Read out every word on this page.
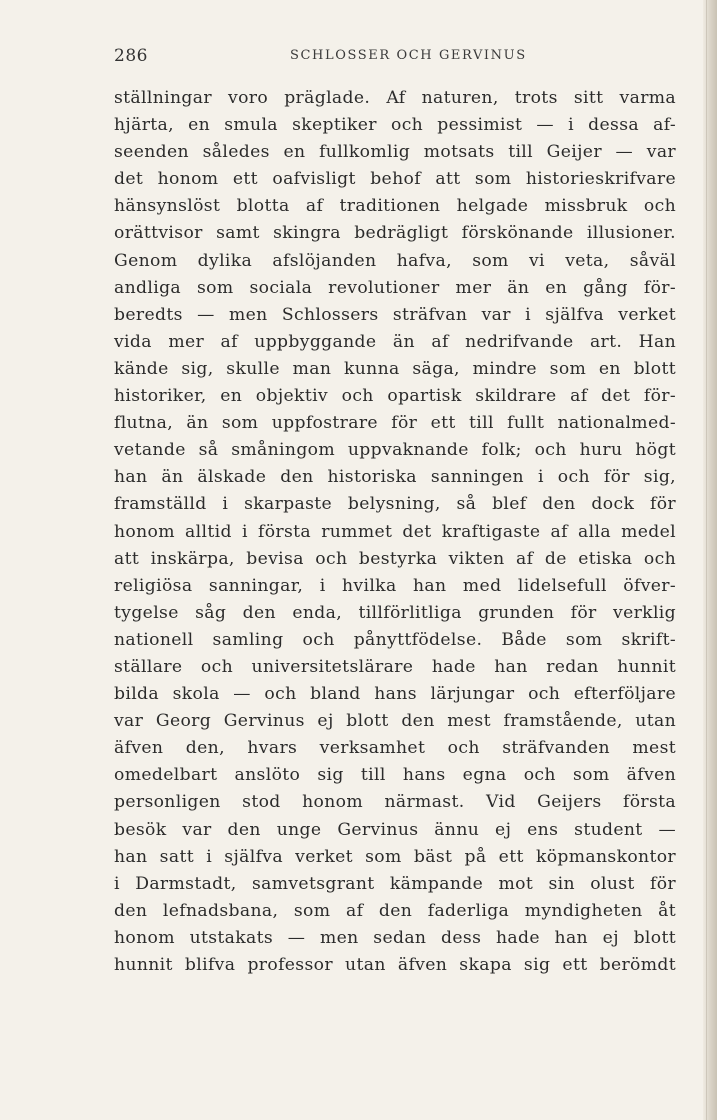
286	SCHLOSSER OCH GERVINUS
ställningar voro präglade. Af naturen, trots sitt varma
hjärta, en smula skeptiker och pessimist — i dessa af-
seenden således en fullkomlig motsats till Geijer — var
det honom ett oafvisligt behof att som historieskrifvare
hänsynslöst blotta af traditionen helgade missbruk och
orättvisor samt skingra bedrägligt förskönande illusioner.
Genom dylika afslöjanden hafva, som vi veta, såväl
andliga som sociala revolutioner mer än en gång för-
beredts — men Schlossers sträfvan var i själfva verket
vida mer af uppbyggande än af nedrifvande art. Han
kände sig, skulle man kunna säga, mindre som en blott
historiker, en objektiv och opartisk skildrare af det för-
flutna, än som uppfostrare för ett till fullt nationalmed-
vetande så småningom uppvaknande folk; och huru högt
han än älskade den historiska sanningen i och för sig,
framställd i skarpaste belysning, så blef den dock för
honom alltid i första rummet det kraftigaste af alla medel
att inskärpa, bevisa och bestyrka vikten af de etiska och
religiösa sanningar, i hvilka han med lidelsefull öfver-
tygelse såg den enda, tillförlitliga grunden för verklig
nationell samling och pånyttfödelse. Både som skrift-
ställare och universitetslärare hade han redan hunnit
bilda skola — och bland hans lärjungar och efterföljare
var Georg Gervinus ej blott den mest framstående, utan
äfven den, hvars verksamhet och sträfvanden mest
omedelbart anslöto sig till hans egna och som äfven
personligen stod honom närmast. Vid Geijers första
besök var den unge Gervinus ännu ej ens student —
han satt i själfva verket som bäst på ett köpmanskontor
i Darmstadt, samvetsgrant kämpande mot sin olust för
den lefnadsbana, som af den faderliga myndigheten åt
honom utstakats — men sedan dess hade han ej blott
hunnit blifva professor utan äfven skapa sig ett berömdt
